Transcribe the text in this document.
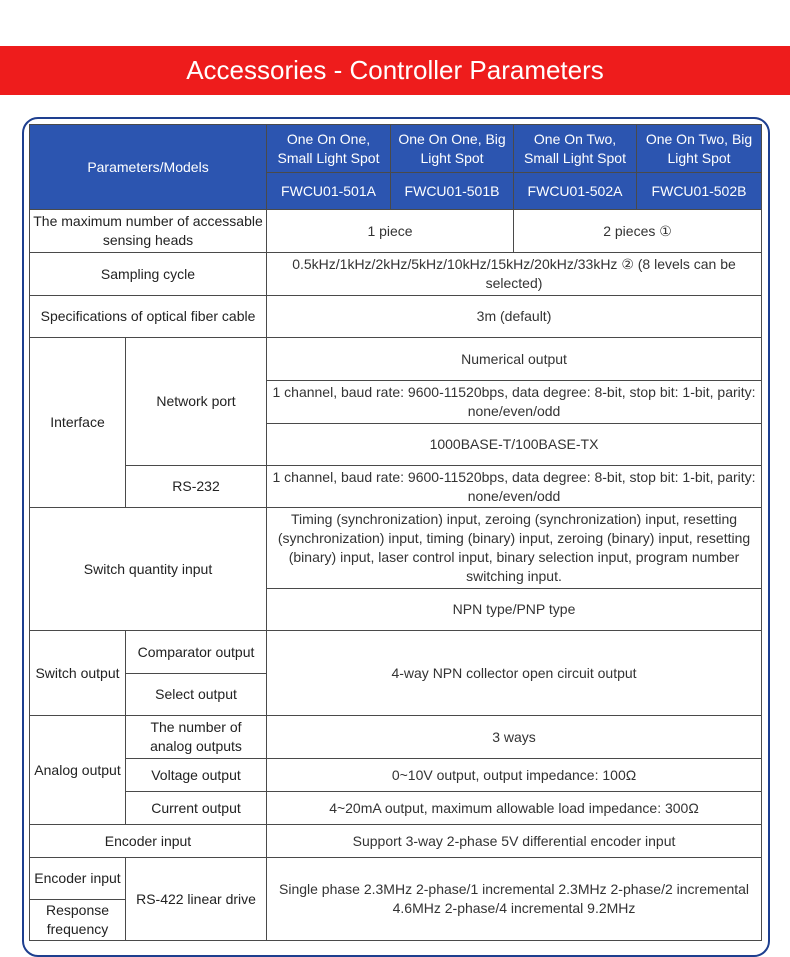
Accessories - Controller Parameters
Parameters/Models		One On One, Small Light Spot	One On One, Big Light Spot	One On Two, Small Light Spot	One On Two, Big Light Spot
		FWCU01-501A	FWCU01-501B	FWCU01-502A	FWCU01-502B
The maximum number of accessable sensing heads		1 piece		2 pieces ①	
Sampling cycle		0.5kHz/1kHz/2kHz/5kHz/10kHz/15kHz/20kHz/33kHz ② (8 levels can be selected)			
Specifications of optical fiber cable		3m (default)			
Interface	Network port	Numerical output			
		1 channel, baud rate: 9600-11520bps, data degree: 8-bit, stop bit: 1-bit, parity: none/even/odd			
		1000BASE-T/100BASE-TX			
	RS-232	1 channel, baud rate: 9600-11520bps, data degree: 8-bit, stop bit: 1-bit, parity: none/even/odd			
Switch quantity input		Timing (synchronization) input, zeroing (synchronization) input, resetting (synchronization) input, timing (binary) input, zeroing (binary) input, resetting (binary) input, laser control input, binary selection input, program number switching input.			
		NPN type/PNP type			
Switch output	Comparator output	4-way NPN collector open circuit output			
	Select output				
Analog output	The number of analog outputs	3 ways			
	Voltage output	0~10V output, output impedance: 100Ω			
	Current output	4~20mA output, maximum allowable load impedance: 300Ω			
Encoder input		Support 3-way 2-phase 5V differential encoder input			
Encoder input	RS-422 linear drive	Single phase 2.3MHz 2-phase/1 incremental 2.3MHz 2-phase/2 incremental 4.6MHz 2-phase/4 incremental 9.2MHz			
Response frequency					
